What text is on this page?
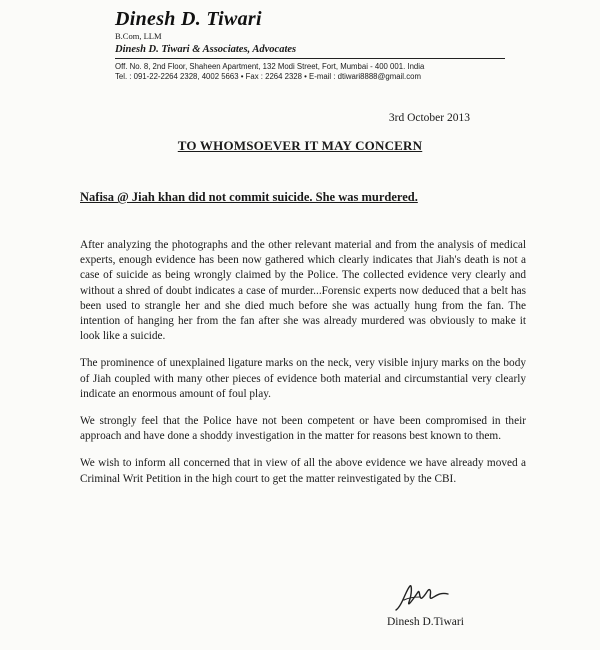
Dinesh D. Tiwari
B.Com, LLM
Dinesh D. Tiwari & Associates, Advocates
Off. No. 8, 2nd Floor, Shaheen Apartment, 132 Modi Street, Fort, Mumbai - 400 001. India
Tel. : 091-22-2264 2328, 4002 5663 • Fax : 2264 2328 • E-mail : dtiwari8888@gmail.com
3rd October 2013
TO WHOMSOEVER IT MAY CONCERN
Nafisa @ Jiah khan did not commit suicide. She was murdered.

After analyzing the photographs and the other relevant material and from the analysis of medical experts, enough evidence has been now gathered which clearly indicates that Jiah's death is not a case of suicide as being wrongly claimed by the Police. The collected evidence very clearly and without a shred of doubt indicates a case of murder...Forensic experts now deduced that a belt has been used to strangle her and she died much before she was actually hung from the fan. The intention of hanging her from the fan after she was already murdered was obviously to make it look like a suicide.

The prominence of unexplained ligature marks on the neck, very visible injury marks on the body of Jiah coupled with many other pieces of evidence both material and circumstantial very clearly indicate an enormous amount of foul play.

We strongly feel that the Police have not been competent or have been compromised in their approach and have done a shoddy investigation in the matter for reasons best known to them.

We wish to inform all concerned that in view of all the above evidence we have already moved a Criminal Writ Petition in the high court to get the matter reinvestigated by the CBI.

Dinesh D.Tiwari
